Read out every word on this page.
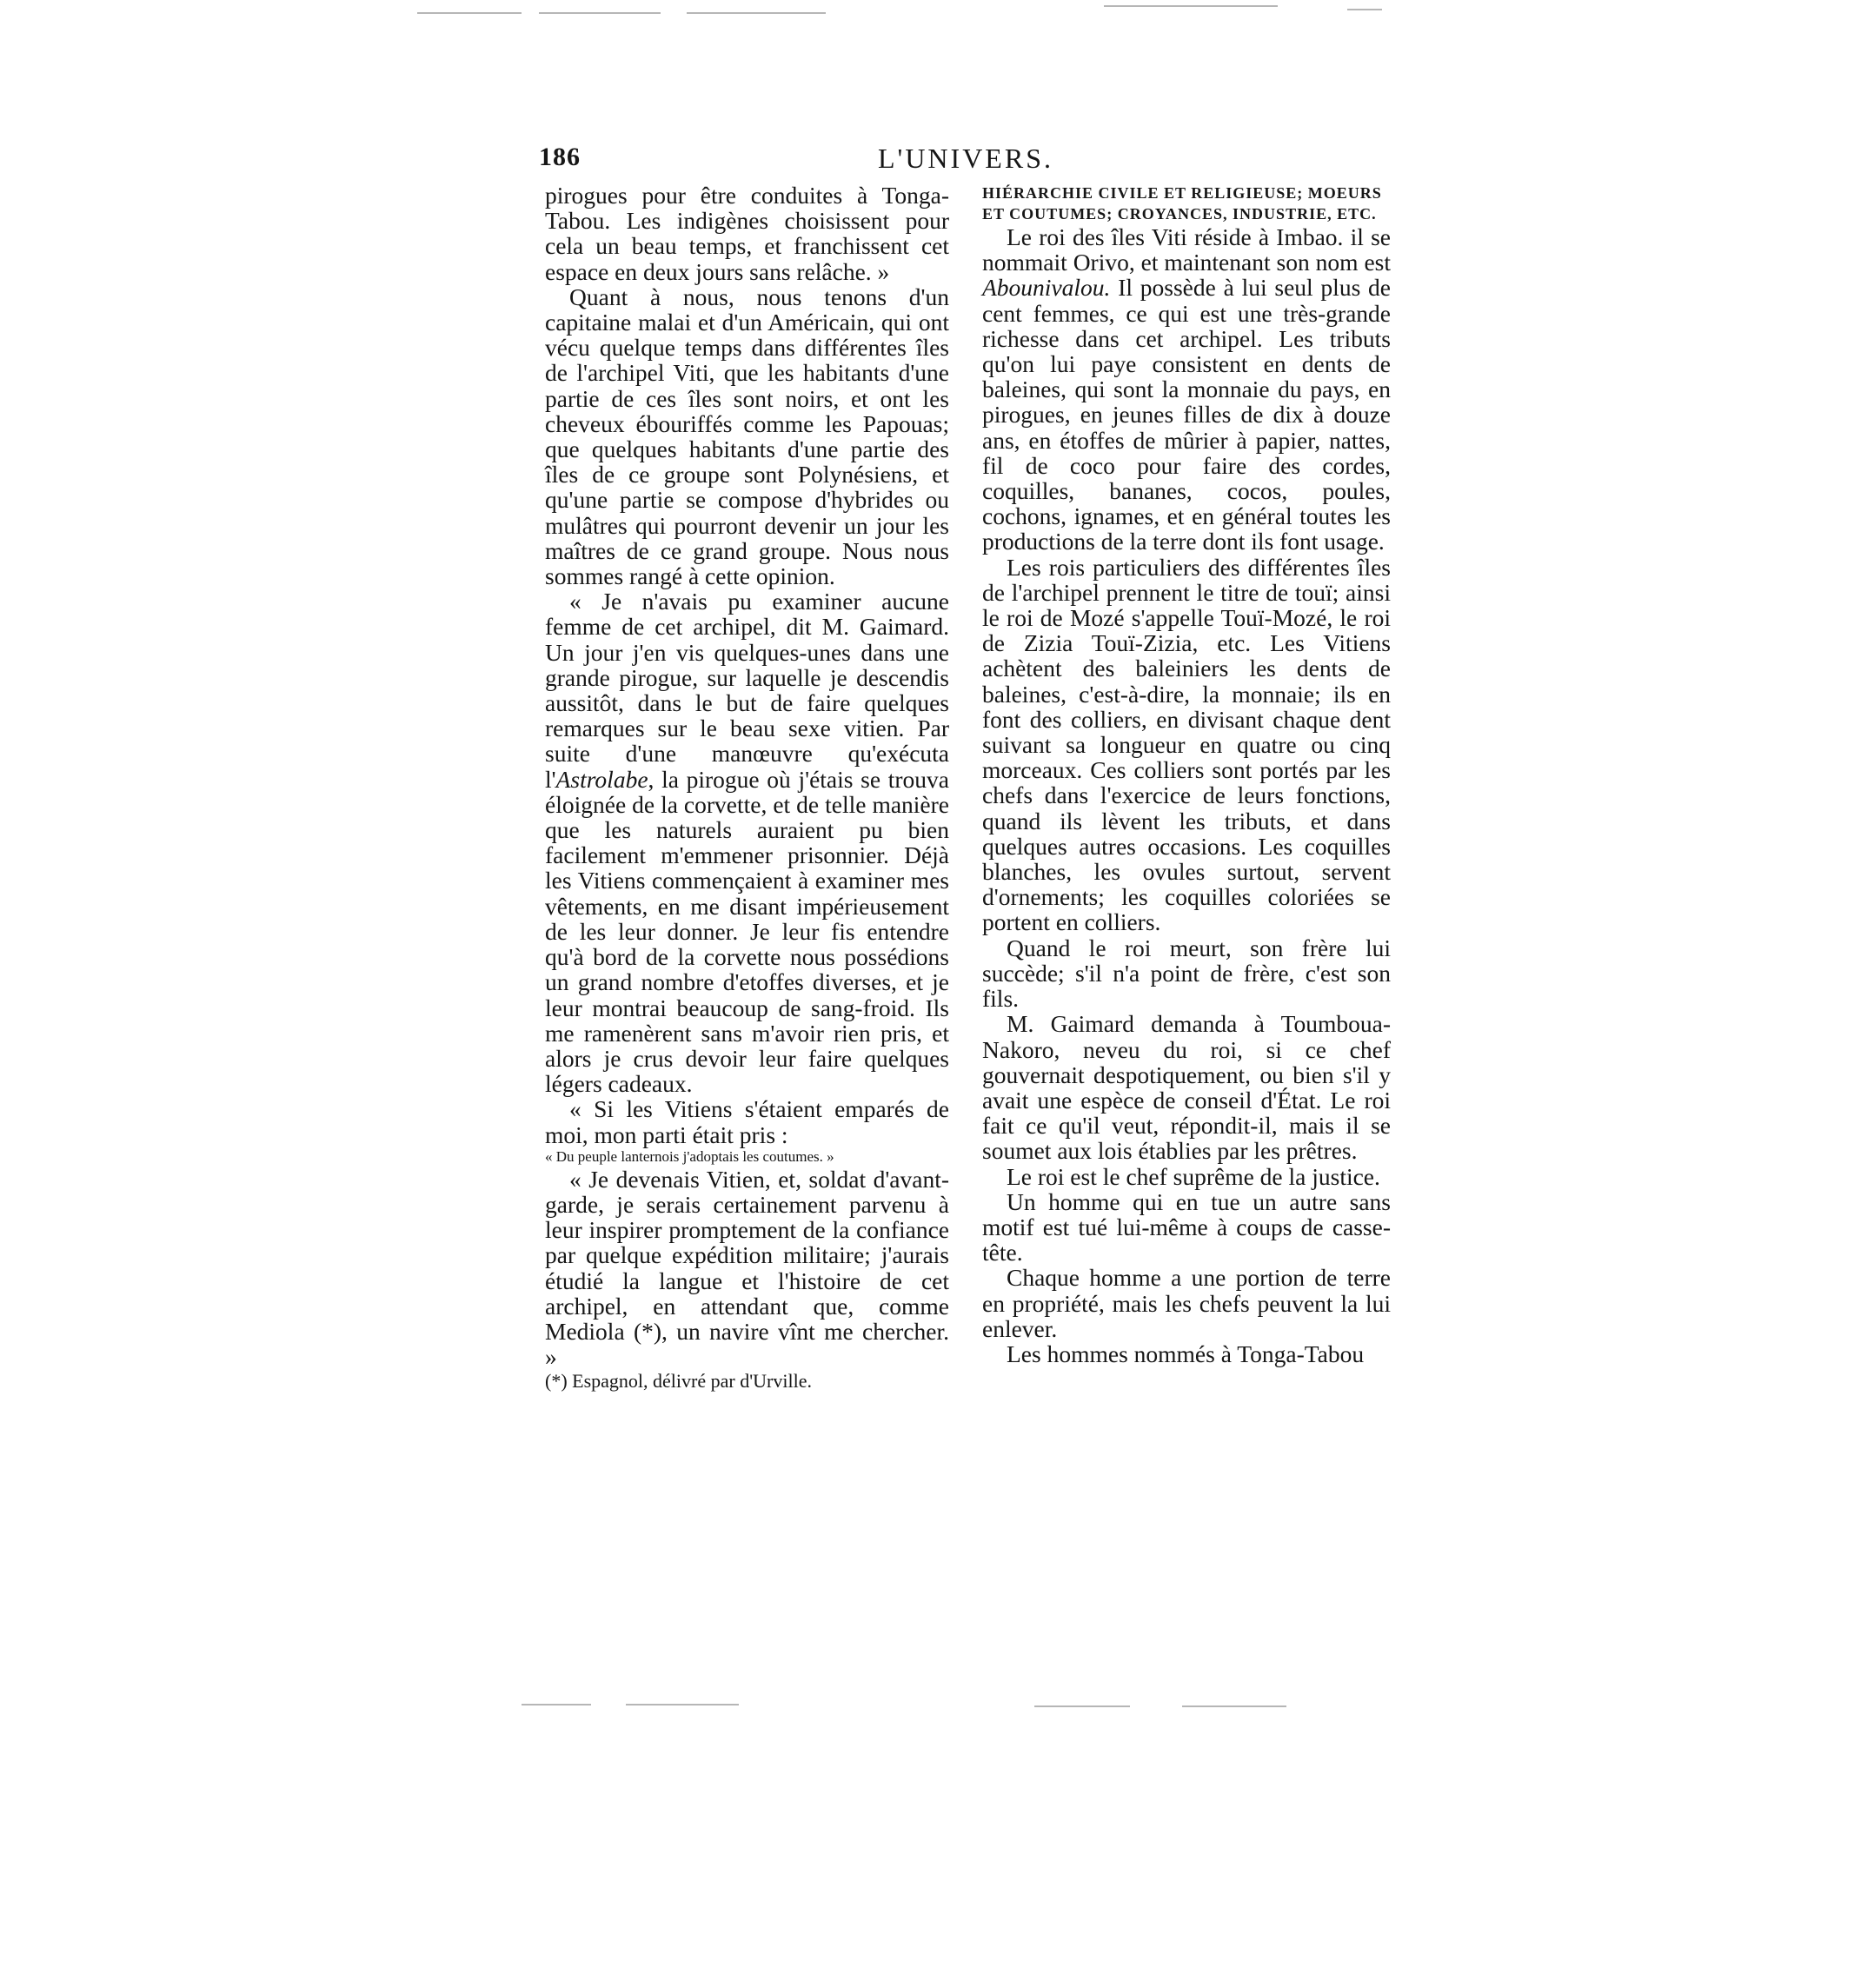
186	L'UNIVERS.

pirogues pour être conduites à Tonga-Tabou. Les indigènes choisissent pour cela un beau temps, et franchissent cet espace en deux jours sans relâche. »

Quant à nous, nous tenons d'un capitaine malai et d'un Américain, qui ont vécu quelque temps dans différentes îles de l'archipel Viti, que les habitants d'une partie de ces îles sont noirs, et ont les cheveux ébouriffés comme les Papouas; que quelques habitants d'une partie des îles de ce groupe sont Polynésiens, et qu'une partie se compose d'hybrides ou mulâtres qui pourront devenir un jour les maîtres de ce grand groupe. Nous nous sommes rangé à cette opinion.

« Je n'avais pu examiner aucune femme de cet archipel, dit M. Gaimard. Un jour j'en vis quelques-unes dans une grande pirogue, sur laquelle je descendis aussitôt, dans le but de faire quelques remarques sur le beau sexe vitien. Par suite d'une manœuvre qu'exécuta l'Astrolabe, la pirogue où j'étais se trouva éloignée de la corvette, et de telle manière que les naturels auraient pu bien facilement m'emmener prisonnier. Déjà les Vitiens commençaient à examiner mes vêtements, en me disant impérieusement de les leur donner. Je leur fis entendre qu'à bord de la corvette nous possédions un grand nombre d'etoffes diverses, et je leur montrai beaucoup de sang-froid. Ils me ramenèrent sans m'avoir rien pris, et alors je crus devoir leur faire quelques légers cadeaux.

« Si les Vitiens s'étaient emparés de moi, mon parti était pris :

« Du peuple lanternois j'adoptais les coutumes. »

« Je devenais Vitien, et, soldat d'avant-garde, je serais certainement parvenu à leur inspirer promptement de la confiance par quelque expédition militaire; j'aurais étudié la langue et l'histoire de cet archipel, en attendant que, comme Mediola (*), un navire vînt me chercher. »

(*) Espagnol, délivré par d'Urville.

HIÉRARCHIE CIVILE ET RELIGIEUSE; MOEURS ET COUTUMES; CROYANCES, INDUSTRIE, ETC.

Le roi des îles Viti réside à Imbao. il se nommait Orivo, et maintenant son nom est Abounivalou. Il possède à lui seul plus de cent femmes, ce qui est une très-grande richesse dans cet archipel. Les tributs qu'on lui paye consistent en dents de baleines, qui sont la monnaie du pays, en pirogues, en jeunes filles de dix à douze ans, en étoffes de mûrier à papier, nattes, fil de coco pour faire des cordes, coquilles, bananes, cocos, poules, cochons, ignames, et en général toutes les productions de la terre dont ils font usage.

Les rois particuliers des différentes îles de l'archipel prennent le titre de touï; ainsi le roi de Mozé s'appelle Touï-Mozé, le roi de Zizia Touï-Zizia, etc. Les Vitiens achètent des baleiniers les dents de baleines, c'est-à-dire, la monnaie; ils en font des colliers, en divisant chaque dent suivant sa longueur en quatre ou cinq morceaux. Ces colliers sont portés par les chefs dans l'exercice de leurs fonctions, quand ils lèvent les tributs, et dans quelques autres occasions. Les coquilles blanches, les ovules surtout, servent d'ornements; les coquilles coloriées se portent en colliers.

Quand le roi meurt, son frère lui succède; s'il n'a point de frère, c'est son fils.

M. Gaimard demanda à Toumboua-Nakoro, neveu du roi, si ce chef gouvernait despotiquement, ou bien s'il y avait une espèce de conseil d'État. Le roi fait ce qu'il veut, répondit-il, mais il se soumet aux lois établies par les prêtres.

Le roi est le chef suprême de la justice.

Un homme qui en tue un autre sans motif est tué lui-même à coups de casse-tête.

Chaque homme a une portion de terre en propriété, mais les chefs peuvent la lui enlever.

Les hommes nommés à Tonga-Tabou
